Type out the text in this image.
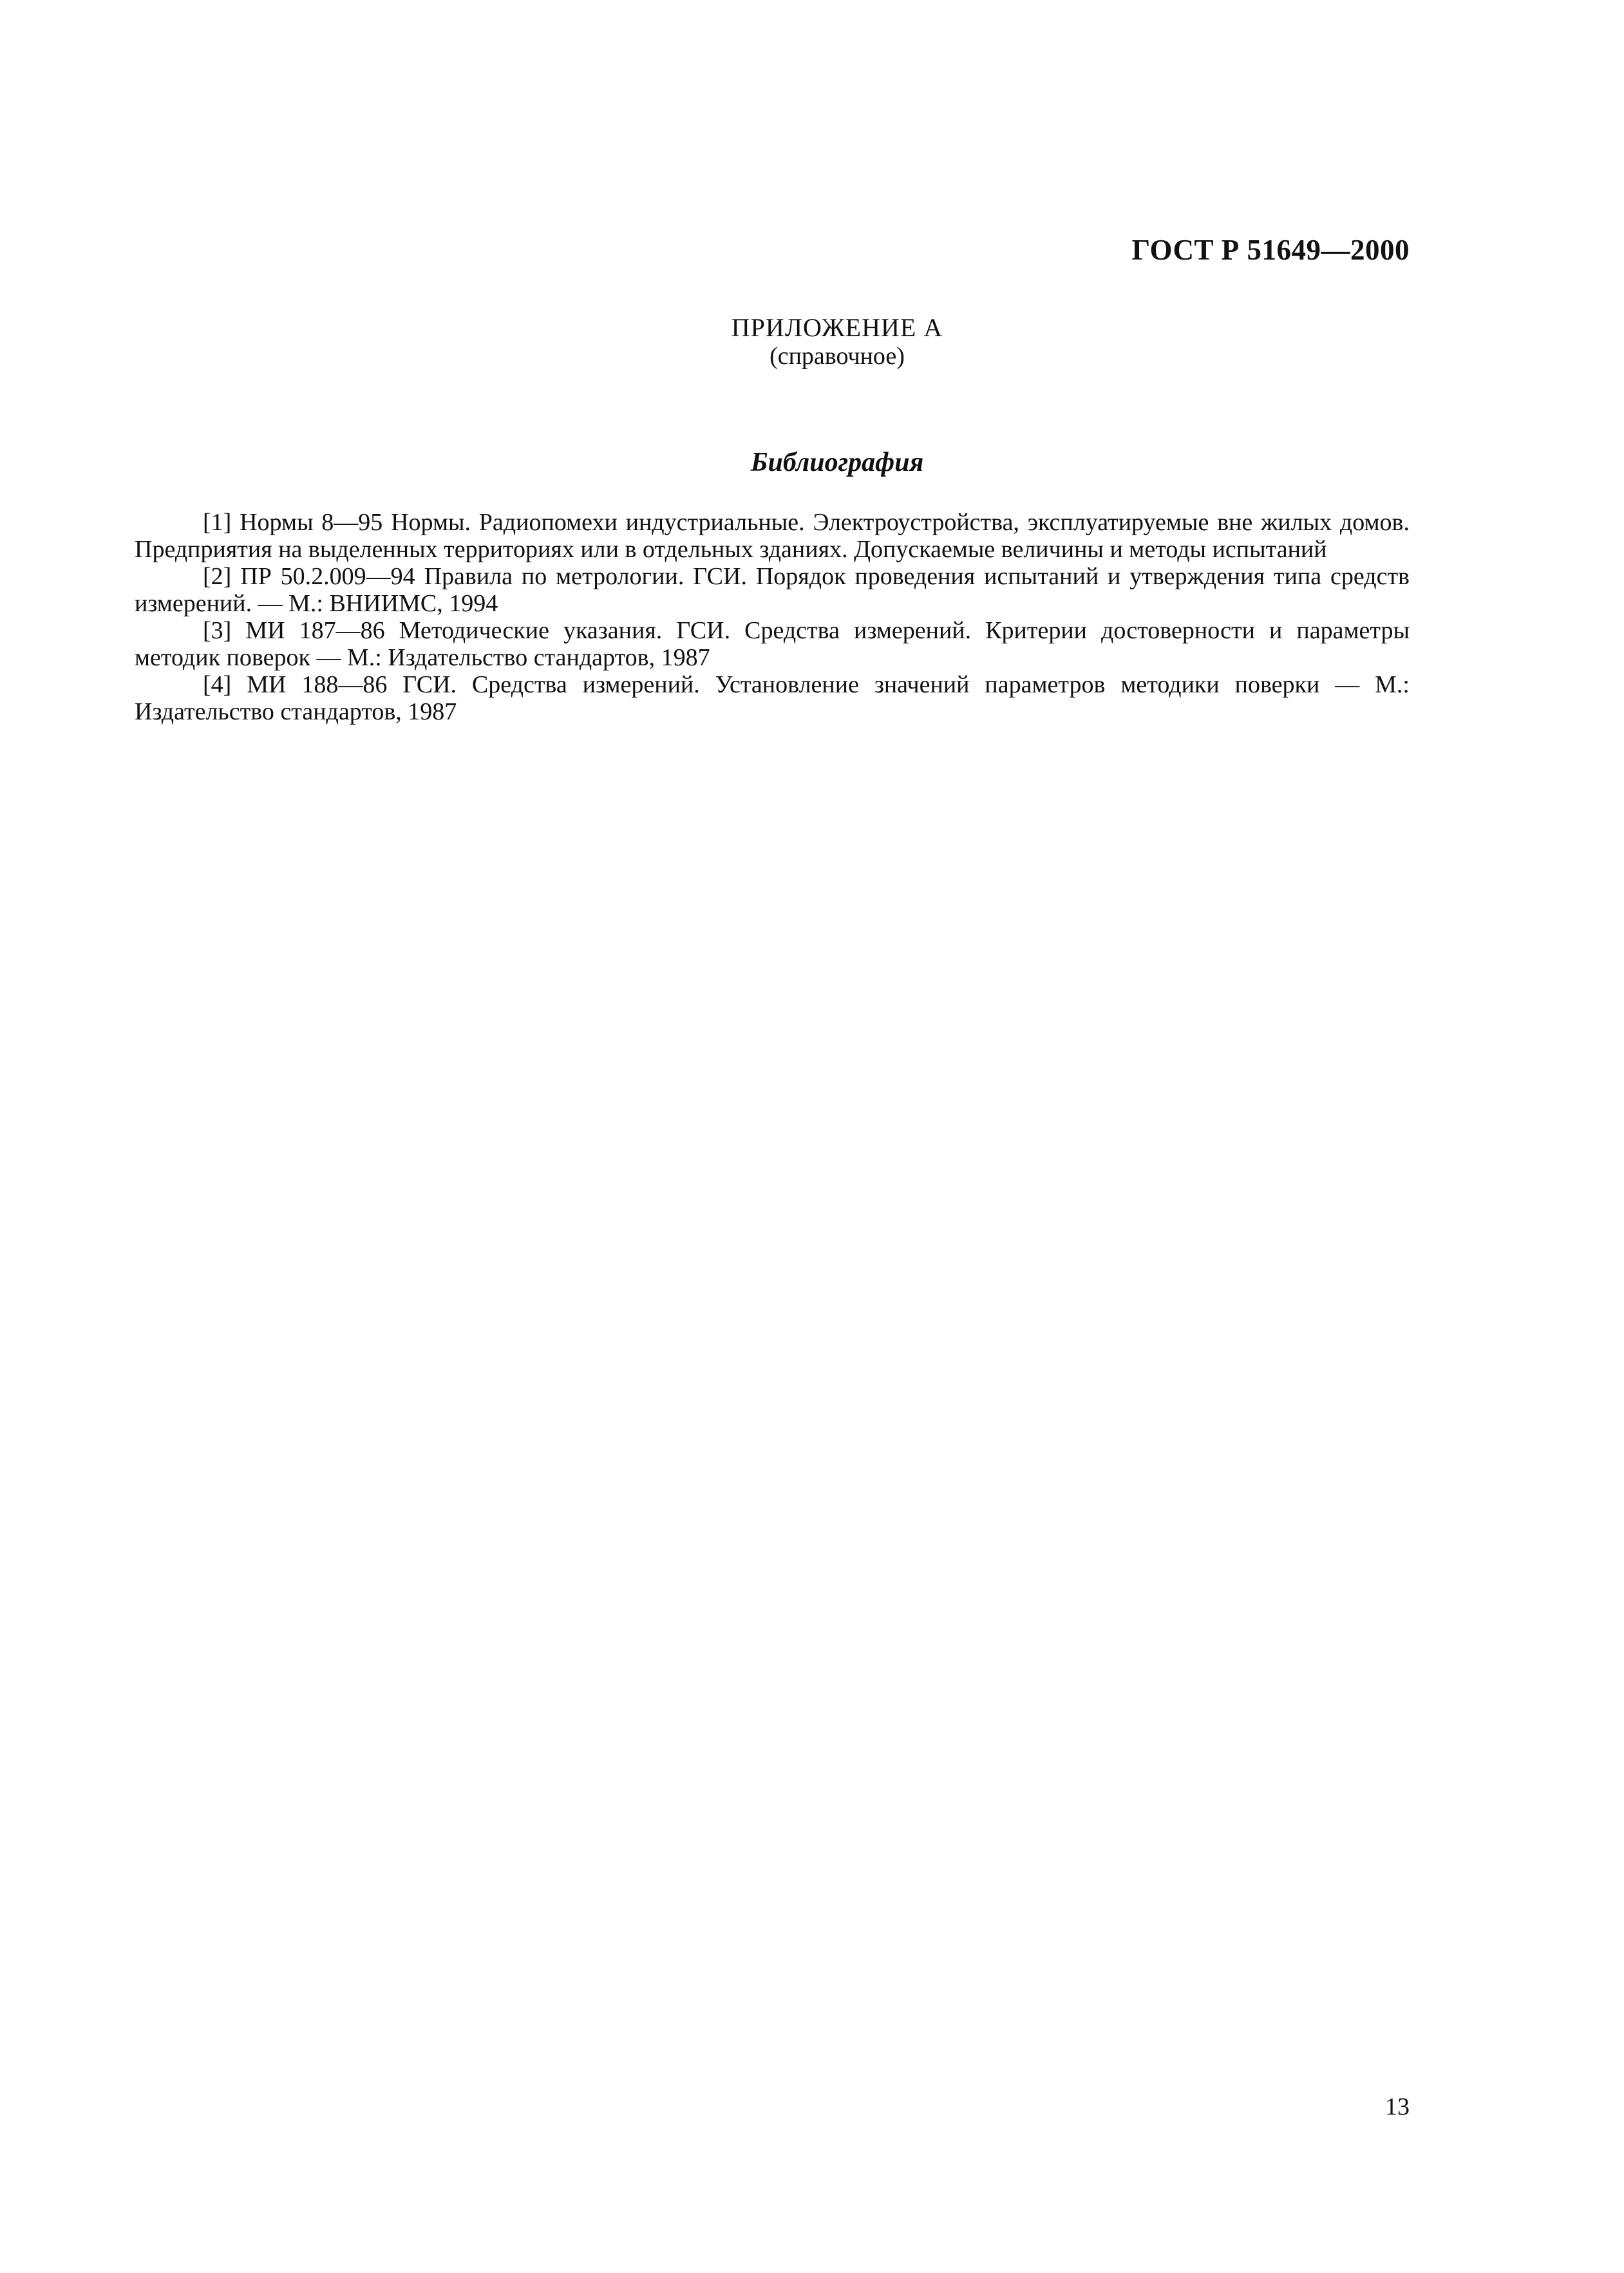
ГОСТ Р 51649—2000
ПРИЛОЖЕНИЕ А
(справочное)
Библиография
[1] Нормы 8—95 Нормы. Радиопомехи индустриальные. Электроустройства, эксплуатируемые вне жилых домов. Предприятия на выделенных территориях или в отдельных зданиях. Допускаемые величины и методы испытаний
[2] ПР 50.2.009—94 Правила по метрологии. ГСИ. Порядок проведения испытаний и утверждения типа средств измерений. — М.: ВНИИМС, 1994
[3] МИ 187—86 Методические указания. ГСИ. Средства измерений. Критерии достоверности и параметры методик поверок — М.: Издательство стандартов, 1987
[4] МИ 188—86 ГСИ. Средства измерений. Установление значений параметров методики поверки — М.: Издательство стандартов, 1987
13
